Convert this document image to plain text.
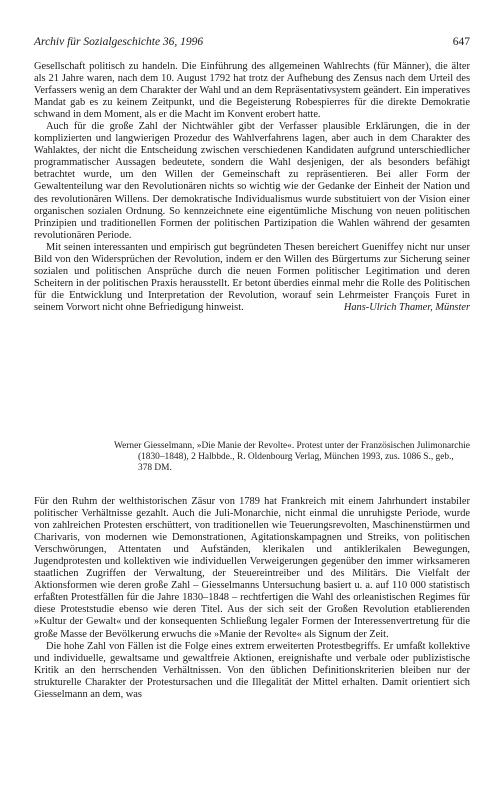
Archiv für Sozialgeschichte 36, 1996	647

Gesellschaft politisch zu handeln. Die Einführung des allgemeinen Wahlrechts (für Männer), die älter als 21 Jahre waren, nach dem 10. August 1792 hat trotz der Aufhebung des Zensus nach dem Urteil des Verfassers wenig an dem Charakter der Wahl und an dem Repräsentativsystem geändert. Ein imperatives Mandat gab es zu keinem Zeitpunkt, und die Begeisterung Robespierres für die direkte Demokratie schwand in dem Moment, als er die Macht im Konvent erobert hatte.

Auch für die große Zahl der Nichtwähler gibt der Verfasser plausible Erklärungen, die in der komplizierten und langwierigen Prozedur des Wahlverfahrens lagen, aber auch in dem Charakter des Wahlaktes, der nicht die Entscheidung zwischen verschiedenen Kandidaten aufgrund unterschiedlicher programmatischer Aussagen bedeutete, sondern die Wahl desjenigen, der als besonders befähigt betrachtet wurde, um den Willen der Gemeinschaft zu repräsentieren. Bei aller Form der Gewaltenteilung war den Revolutionären nichts so wichtig wie der Gedanke der Einheit der Nation und des revolutionären Willens. Der demokratische Individualismus wurde substituiert von der Vision einer organischen sozialen Ordnung. So kennzeichnete eine eigentümliche Mischung von neuen politischen Prinzipien und traditionellen Formen der politischen Partizipation die Wahlen während der gesamten revolutionären Periode.

Mit seinen interessanten und empirisch gut begründeten Thesen bereichert Gueniffey nicht nur unser Bild von den Widersprüchen der Revolution, indem er den Willen des Bürgertums zur Sicherung seiner sozialen und politischen Ansprüche durch die neuen Formen politischer Legitimation und deren Scheitern in der politischen Praxis herausstellt. Er betont überdies einmal mehr die Rolle des Politischen für die Entwicklung und Interpretation der Revolution, worauf sein Lehrmeister François Furet in seinem Vorwort nicht ohne Befriedigung hinweist.	Hans-Ulrich Thamer, Münster

Werner Giesselmann, »Die Manie der Revolte«. Protest unter der Französischen Julimonarchie (1830–1848), 2 Halbbde., R. Oldenbourg Verlag, München 1993, zus. 1086 S., geb., 378 DM.

Für den Ruhm der welthistorischen Zäsur von 1789 hat Frankreich mit einem Jahrhundert instabiler politischer Verhältnisse gezahlt. Auch die Juli-Monarchie, nicht einmal die unruhigste Periode, wurde von zahlreichen Protesten erschüttert, von traditionellen wie Teuerungsrevolten, Maschinenstürmen und Charivaris, von modernen wie Demonstrationen, Agitationskampagnen und Streiks, von politischen Verschwörungen, Attentaten und Aufständen, klerikalen und antiklerikalen Bewegungen, Jugendprotesten und kollektiven wie individuellen Verweigerungen gegenüber den immer wirksameren staatlichen Zugriffen der Verwaltung, der Steuereintreiber und des Militärs. Die Vielfalt der Aktionsformen wie deren große Zahl – Giesselmanns Untersuchung basiert u. a. auf 110 000 statistisch erfaßten Protestfällen für die Jahre 1830–1848 – rechtfertigen die Wahl des orleanistischen Regimes für diese Proteststudie ebenso wie deren Titel. Aus der sich seit der Großen Revolution etablierenden »Kultur der Gewalt« und der konsequenten Schließung legaler Formen der Interessenvertretung für die große Masse der Bevölkerung erwuchs die »Manie der Revolte« als Signum der Zeit.

Die hohe Zahl von Fällen ist die Folge eines extrem erweiterten Protestbegriffs. Er umfaßt kollektive und individuelle, gewaltsame und gewaltfreie Aktionen, ereignishafte und verbale oder publizistische Kritik an den herrschenden Verhältnissen. Von den üblichen Definitionskriterien bleiben nur der strukturelle Charakter der Protestursachen und die Illegalität der Mittel erhalten. Damit orientiert sich Giesselmann an dem, was
